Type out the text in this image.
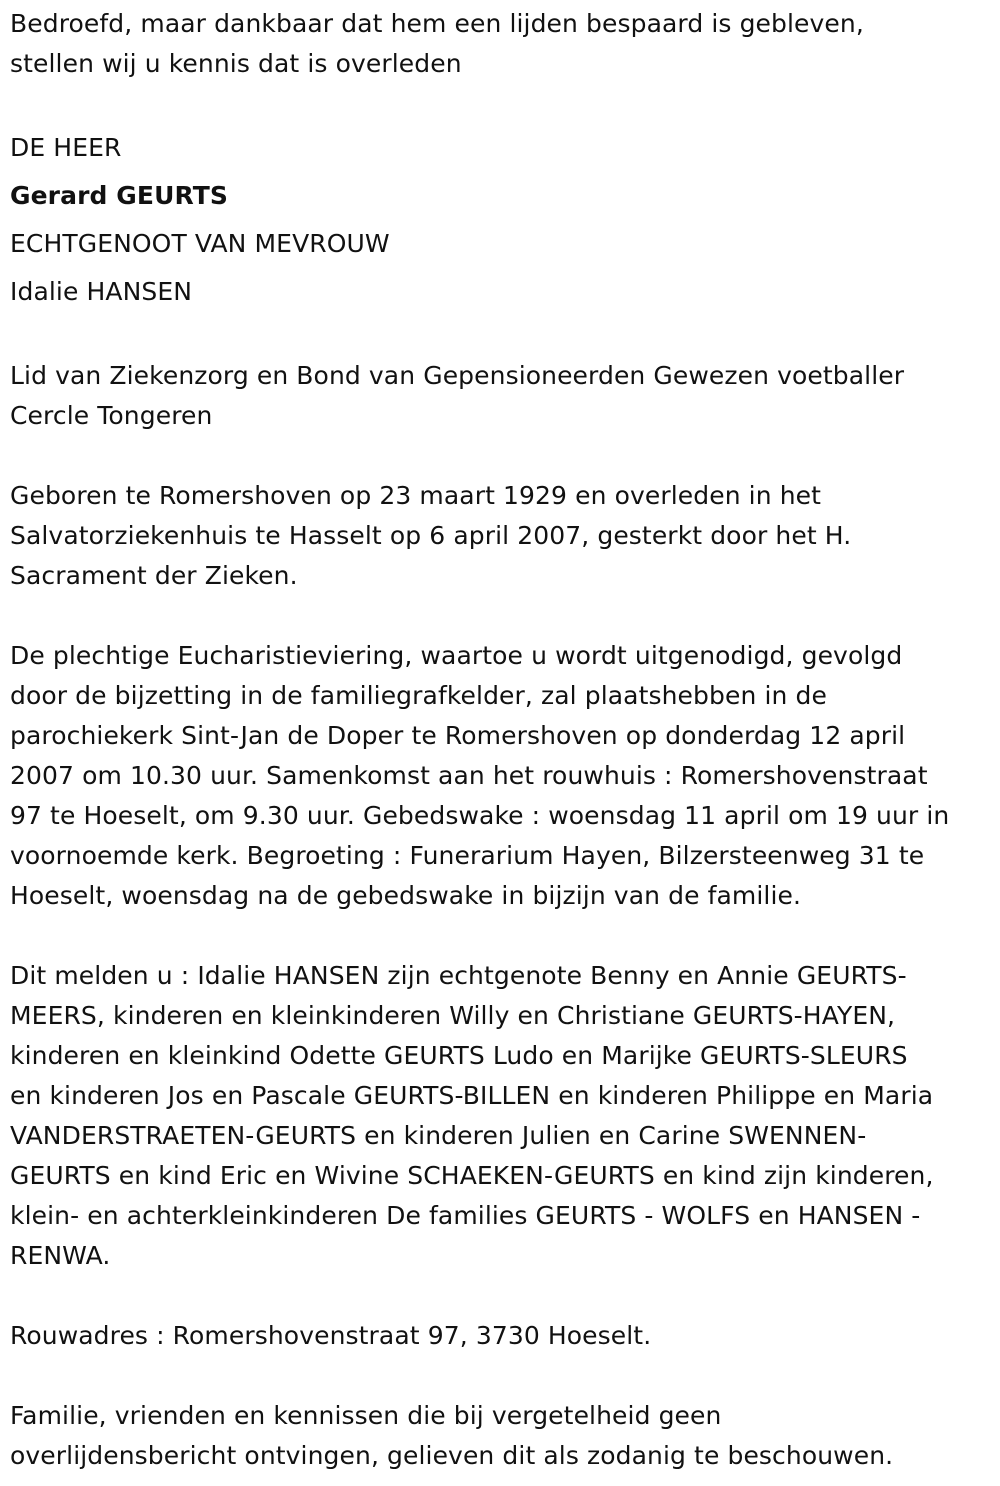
Bedroefd, maar dankbaar dat hem een lijden bespaard is gebleven,

stellen wij u kennis dat is overleden

DE HEER

Gerard GEURTS

ECHTGENOOT VAN MEVROUW

Idalie HANSEN

Lid van Ziekenzorg en Bond van Gepensioneerden Gewezen voetballer

Cercle Tongeren

Geboren te Romershoven op 23 maart 1929 en overleden in het

Salvatorziekenhuis te Hasselt op 6 april 2007, gesterkt door het H.

Sacrament der Zieken.

De plechtige Eucharistieviering, waartoe u wordt uitgenodigd, gevolgd

door de bijzetting in de familiegrafkelder, zal plaatshebben in de

parochiekerk Sint-Jan de Doper te Romershoven op donderdag 12 april

2007 om 10.30 uur. Samenkomst aan het rouwhuis : Romershovenstraat

97 te Hoeselt, om 9.30 uur. Gebedswake : woensdag 11 april om 19 uur in

voornoemde kerk. Begroeting : Funerarium Hayen, Bilzersteenweg 31 te

Hoeselt, woensdag na de gebedswake in bijzijn van de familie.

Dit melden u : Idalie HANSEN zijn echtgenote Benny en Annie GEURTS-

MEERS, kinderen en kleinkinderen Willy en Christiane GEURTS-HAYEN,

kinderen en kleinkind Odette GEURTS Ludo en Marijke GEURTS-SLEURS

en kinderen Jos en Pascale GEURTS-BILLEN en kinderen Philippe en Maria

VANDERSTRAETEN-GEURTS en kinderen Julien en Carine SWENNEN-

GEURTS en kind Eric en Wivine SCHAEKEN-GEURTS en kind zijn kinderen,

klein- en achterkleinkinderen De families GEURTS - WOLFS en HANSEN -

RENWA.

Rouwadres : Romershovenstraat 97, 3730 Hoeselt.

Familie, vrienden en kennissen die bij vergetelheid geen

overlijdensbericht ontvingen, gelieven dit als zodanig te beschouwen.
